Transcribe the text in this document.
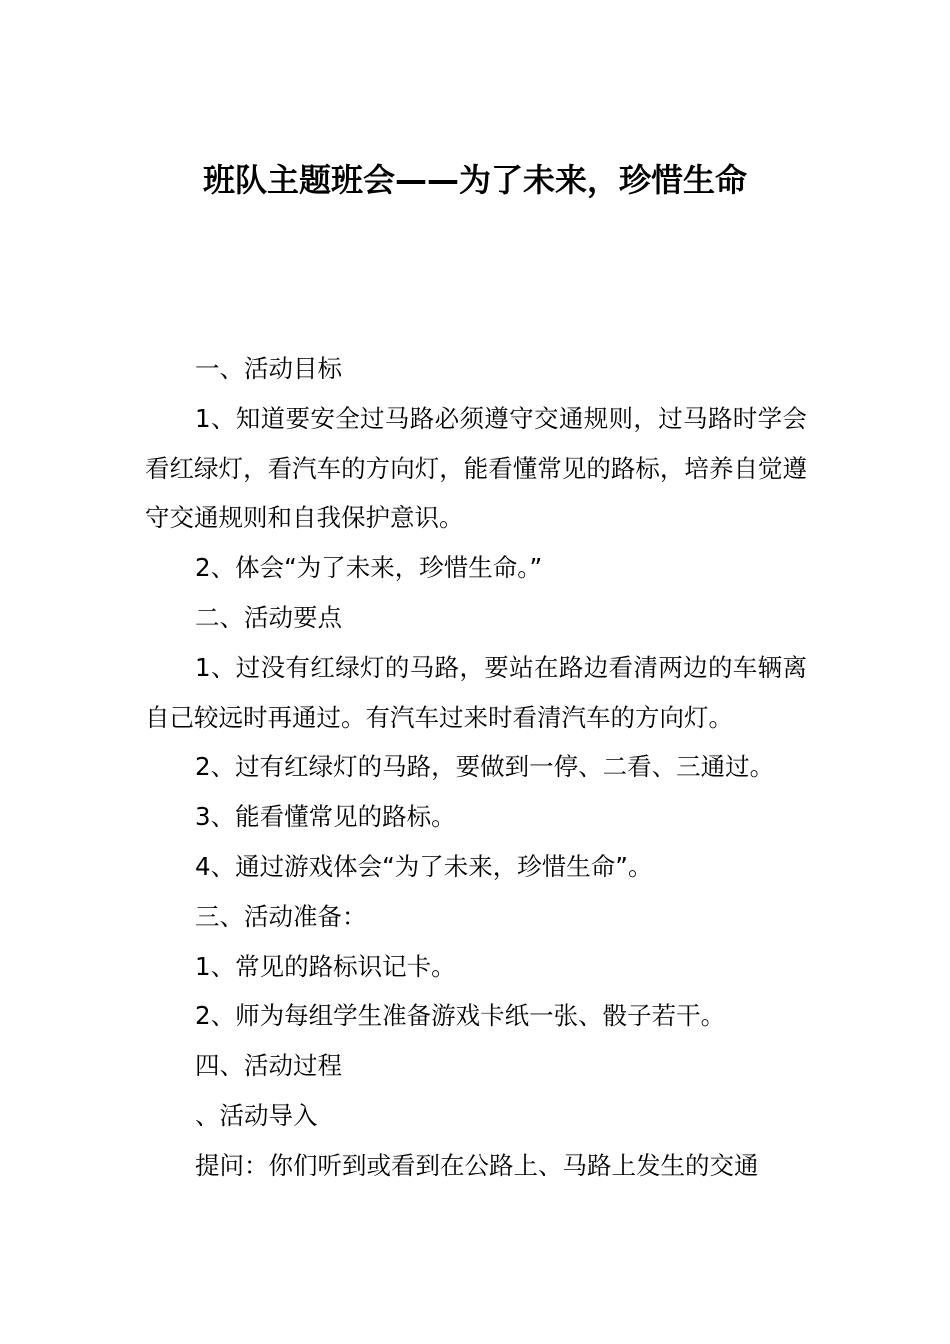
班队主题班会——为了未来，珍惜生命

一、活动目标

1、知道要安全过马路必须遵守交通规则，过马路时学会看红绿灯，看汽车的方向灯，能看懂常见的路标，培养自觉遵守交通规则和自我保护意识。

2、体会“为了未来，珍惜生命。”

二、活动要点

1、过没有红绿灯的马路，要站在路边看清两边的车辆离自己较远时再通过。有汽车过来时看清汽车的方向灯。

2、过有红绿灯的马路，要做到一停、二看、三通过。

3、能看懂常见的路标。

4、通过游戏体会“为了未来，珍惜生命”。

三、活动准备：

1、常见的路标识记卡。

2、师为每组学生准备游戏卡纸一张、骰子若干。

四、活动过程

、活动导入

提问：你们听到或看到在公路上、马路上发生的交通
